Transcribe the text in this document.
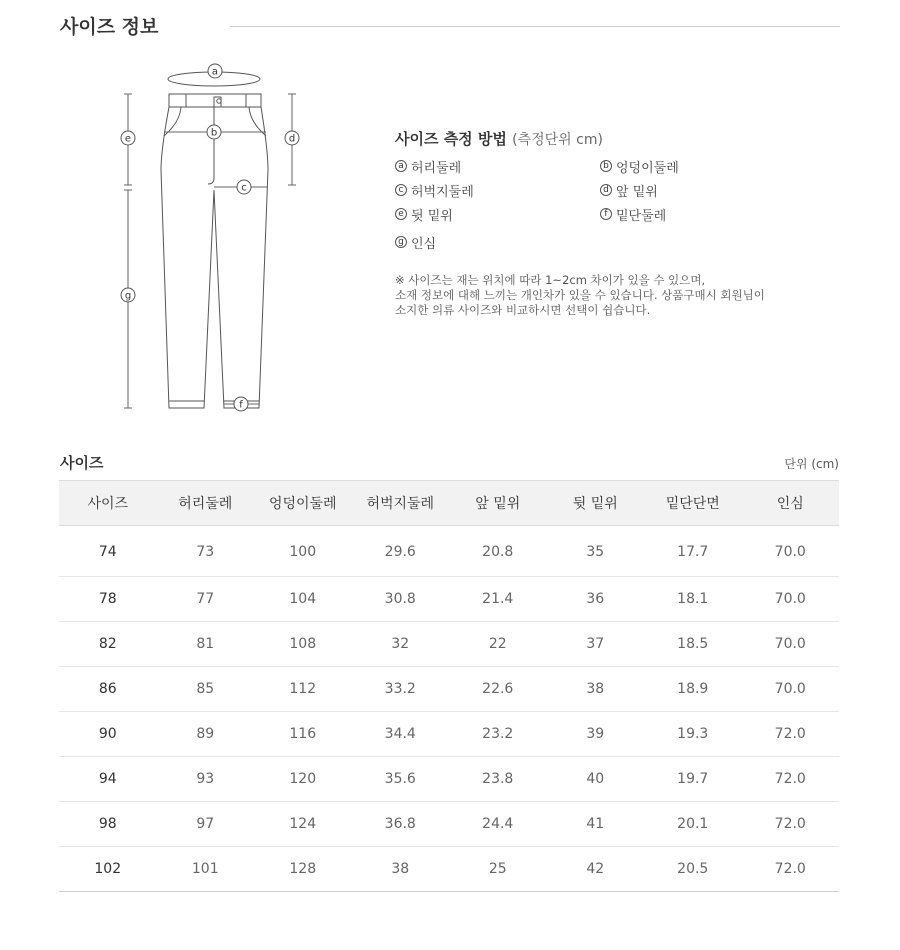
사이즈 정보
a
b
c
d
e
f
g
사이즈 측정 방법 (측정단위 cm)
a 허리둘레	b 엉덩이둘레
c 허벅지둘레	d 앞 밑위
e 뒷 밑위	f 밑단둘레
g 인심
※ 사이즈는 재는 위치에 따라 1~2cm 차이가 있을 수 있으며,
소재 정보에 대해 느끼는 개인차가 있을 수 있습니다. 상품구매시 회원님이
소지한 의류 사이즈와 비교하시면 선택이 쉽습니다.
사이즈	단위 (cm)
사이즈	허리둘레	엉덩이둘레	허벅지둘레	앞 밑위	뒷 밑위	밑단단면	인심
74	73	100	29.6	20.8	35	17.7	70.0
78	77	104	30.8	21.4	36	18.1	70.0
82	81	108	32	22	37	18.5	70.0
86	85	112	33.2	22.6	38	18.9	70.0
90	89	116	34.4	23.2	39	19.3	72.0
94	93	120	35.6	23.8	40	19.7	72.0
98	97	124	36.8	24.4	41	20.1	72.0
102	101	128	38	25	42	20.5	72.0
